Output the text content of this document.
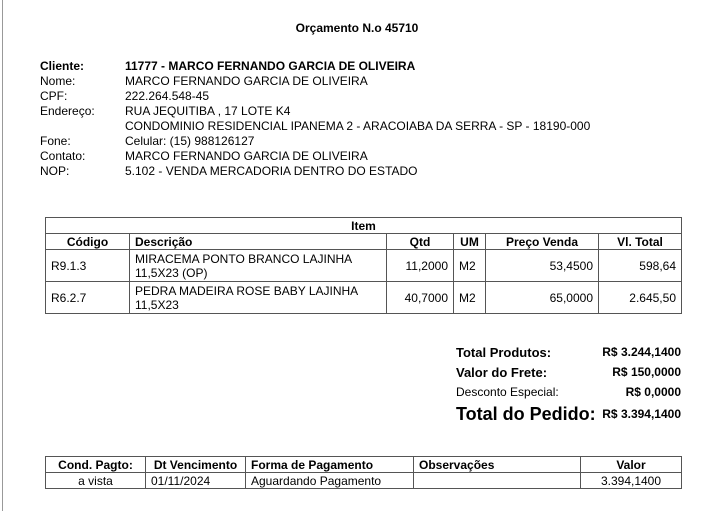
Orçamento N.o 45710
Cliente:	11777 - MARCO FERNANDO GARCIA DE OLIVEIRA
Nome:	MARCO FERNANDO GARCIA DE OLIVEIRA
CPF:	222.264.548-45
Endereço:	RUA JEQUITIBA , 17 LOTE K4
CONDOMINIO RESIDENCIAL IPANEMA 2 - ARACOIABA DA SERRA - SP - 18190-000
Fone:	Celular: (15) 988126127
Contato:	MARCO FERNANDO GARCIA DE OLIVEIRA
NOP:	5.102 - VENDA MERCADORIA DENTRO DO ESTADO
Item					
Código	Descrição	Qtd	UM	Preço Venda	Vl. Total
R9.1.3	MIRACEMA PONTO BRANCO LAJINHA 11,5X23 (OP)	11,2000	M2	53,4500	598,64
R6.2.7	PEDRA MADEIRA ROSE BABY LAJINHA 11,5X23	40,7000	M2	65,0000	2.645,50
Total Produtos:	R$ 3.244,1400
Valor do Frete:	R$ 150,0000
Desconto Especial:	R$ 0,0000
Total do Pedido: R$ 3.394,1400
Cond. Pagto:	Dt Vencimento	Forma de Pagamento	Observações	Valor
a vista	01/11/2024	Aguardando Pagamento		3.394,1400
